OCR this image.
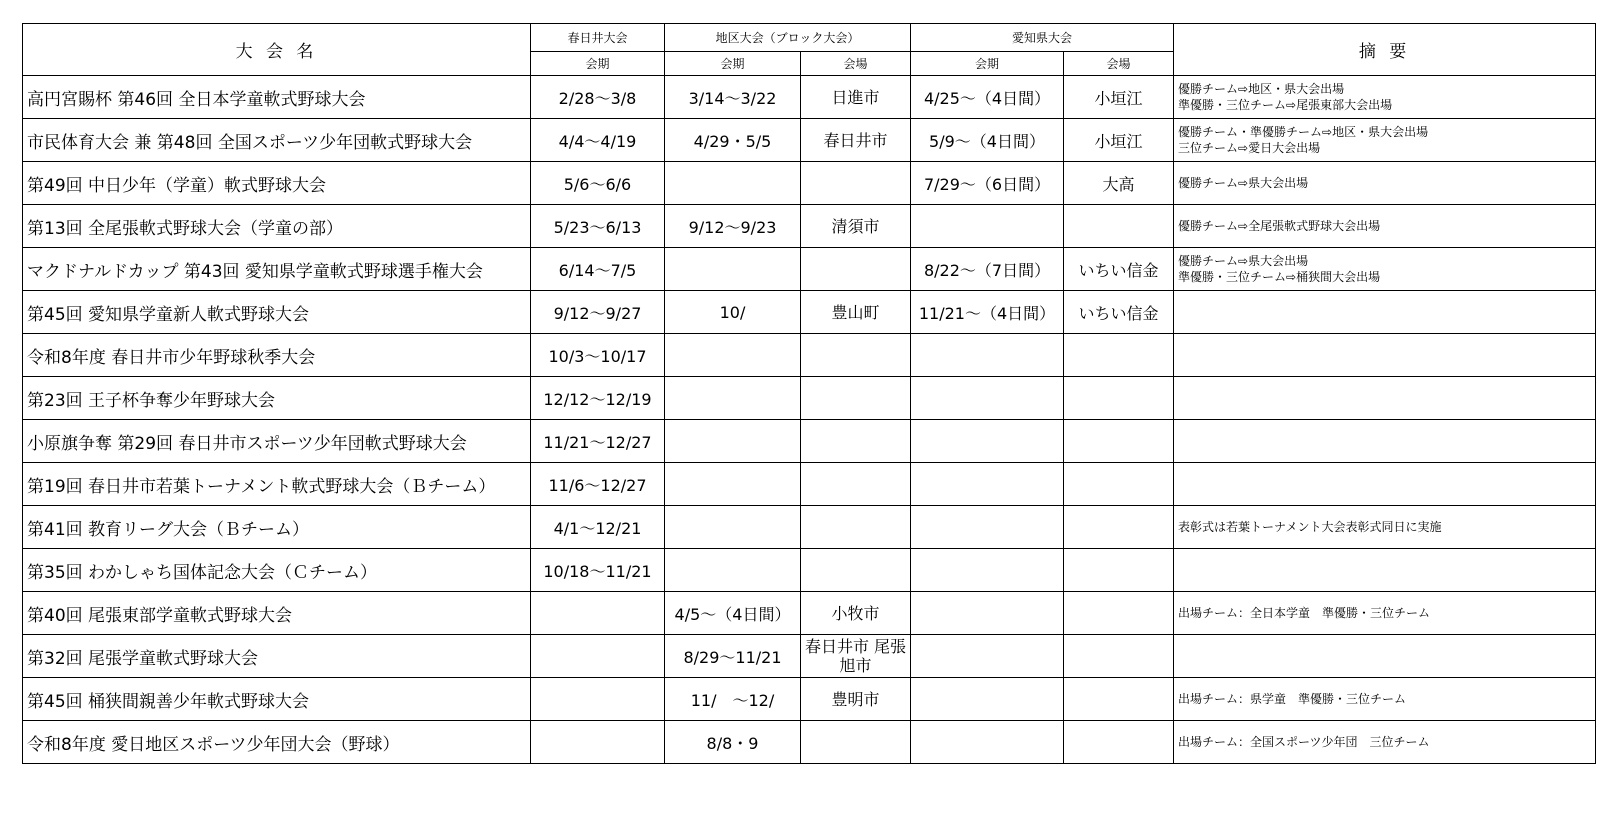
大 会 名	春日井大会	地区大会（ブロック大会）		愛知県大会		摘 要
	会期	会期	会場	会期	会場	
高円宮賜杯 第46回 全日本学童軟式野球大会	2/28～3/8	3/14～3/22	日進市	4/25～（4日間）	小垣江	優勝チーム⇨地区・県大会出場
準優勝・三位チーム⇨尾張東部大会出場
市民体育大会 兼 第48回 全国スポーツ少年団軟式野球大会	4/4～4/19	4/29・5/5	春日井市	5/9～（4日間）	小垣江	優勝チーム・準優勝チーム⇨地区・県大会出場
三位チーム⇨愛日大会出場
第49回 中日少年（学童）軟式野球大会	5/6～6/6			7/29～（6日間）	大高	優勝チーム⇨県大会出場
第13回 全尾張軟式野球大会（学童の部）	5/23～6/13	9/12～9/23	清須市			優勝チーム⇨全尾張軟式野球大会出場
マクドナルドカップ 第43回 愛知県学童軟式野球選手権大会	6/14～7/5			8/22～（7日間）	いちい信金	優勝チーム⇨県大会出場
準優勝・三位チーム⇨桶狭間大会出場
第45回 愛知県学童新人軟式野球大会	9/12～9/27	10/	豊山町	11/21～（4日間）	いちい信金	
令和8年度 春日井市少年野球秋季大会	10/3～10/17					
第23回 王子杯争奪少年野球大会	12/12～12/19					
小原旗争奪 第29回 春日井市スポーツ少年団軟式野球大会	11/21～12/27					
第19回 春日井市若葉トーナメント軟式野球大会（Ｂチーム）	11/6～12/27					
第41回 教育リーグ大会（Ｂチーム）	4/1～12/21					表彰式は若葉トーナメント大会表彰式同日に実施
第35回 わかしゃち国体記念大会（Ｃチーム）	10/18～11/21					
第40回 尾張東部学童軟式野球大会		4/5～（4日間）	小牧市			出場チーム：全日本学童　準優勝・三位チーム
第32回 尾張学童軟式野球大会		8/29～11/21	春日井市 尾張旭市			
第45回 桶狭間親善少年軟式野球大会		11/　～12/	豊明市			出場チーム：県学童　準優勝・三位チーム
令和8年度 愛日地区スポーツ少年団大会（野球）		8/8・9				出場チーム：全国スポーツ少年団　三位チーム
